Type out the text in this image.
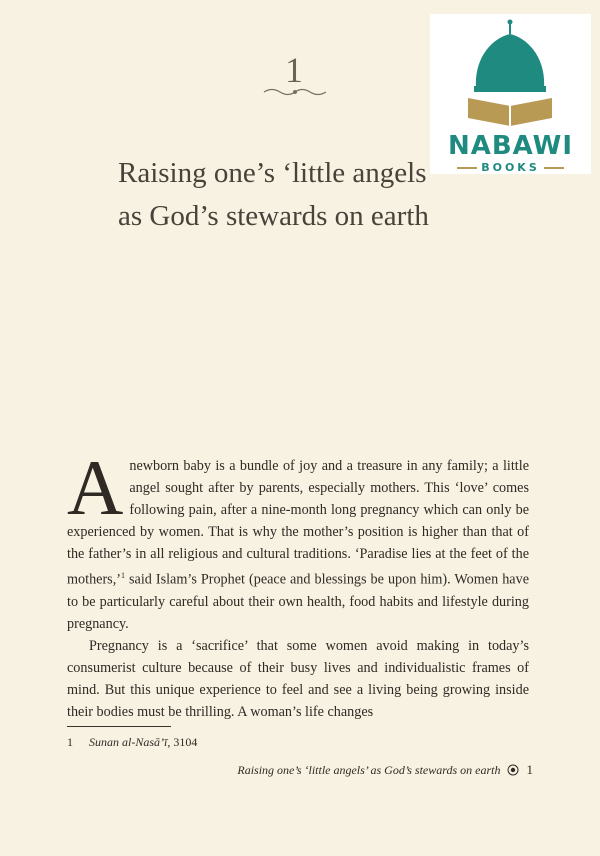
1
Raising one’s ‘little angels
as God’s stewards on earth

Anewborn baby is a bundle of joy and a treasure in any family; a little angel sought after by parents, especially mothers. This ‘love’ comes following pain, after a nine-month long pregnancy which can only be experienced by women. That is why the mother’s position is higher than that of the father’s in all religious and cultural traditions. ‘Paradise lies at the feet of the mothers,’$^1$ said Islam’s Prophet (peace and blessings be upon him). Women have to be particularly careful about their own health, food habits and lifestyle during pregnancy.

Pregnancy is a ‘sacrifice’ that some women avoid making in today’s consumerist culture because of their busy lives and individualistic frames of mind. But this unique experience to feel and see a living being growing inside their bodies must be thrilling. A woman’s life changes

1 Sunan al-Nasā’ī, 3104
Raising one’s ‘little angels’ as God’s stewards on earth 1
NABAWI
BOOKS
